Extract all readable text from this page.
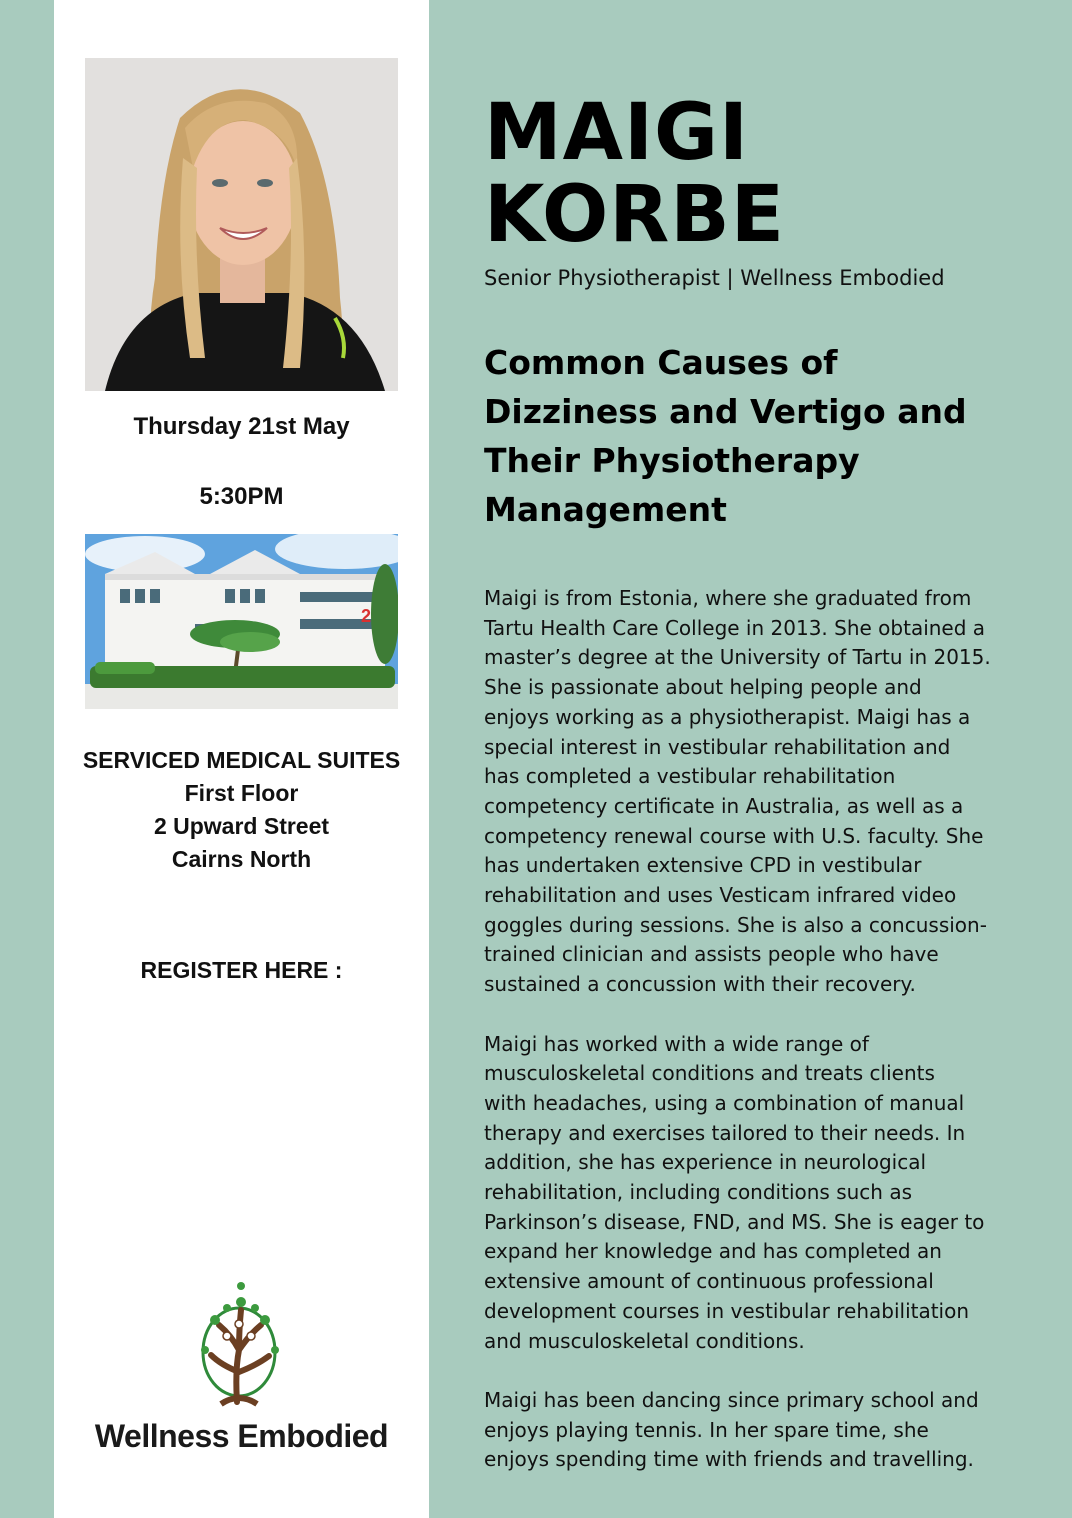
Thursday 21st May

5:30PM

2
SERVICED MEDICAL SUITES
First Floor
2 Upward Street
Cairns North
REGISTER HERE :
Wellness Embodied
MAIGI
KORBE

Senior Physiotherapist | Wellness Embodied

Common Causes of
Dizziness and Vertigo and
Their Physiotherapy
Management

Maigi is from Estonia, where she graduated from
Tartu Health Care College in 2013. She obtained a
master’s degree at the University of Tartu in 2015.
She is passionate about helping people and
enjoys working as a physiotherapist. Maigi has a
special interest in vestibular rehabilitation and
has completed a vestibular rehabilitation
competency certificate in Australia, as well as a
competency renewal course with U.S. faculty. She
has undertaken extensive CPD in vestibular
rehabilitation and uses Vesticam infrared video
goggles during sessions. She is also a concussion-
trained clinician and assists people who have
sustained a concussion with their recovery.

Maigi has worked with a wide range of
musculoskeletal conditions and treats clients
with headaches, using a combination of manual
therapy and exercises tailored to their needs. In
addition, she has experience in neurological
rehabilitation, including conditions such as
Parkinson’s disease, FND, and MS. She is eager to
expand her knowledge and has completed an
extensive amount of continuous professional
development courses in vestibular rehabilitation
and musculoskeletal conditions.

Maigi has been dancing since primary school and
enjoys playing tennis. In her spare time, she
enjoys spending time with friends and travelling.
